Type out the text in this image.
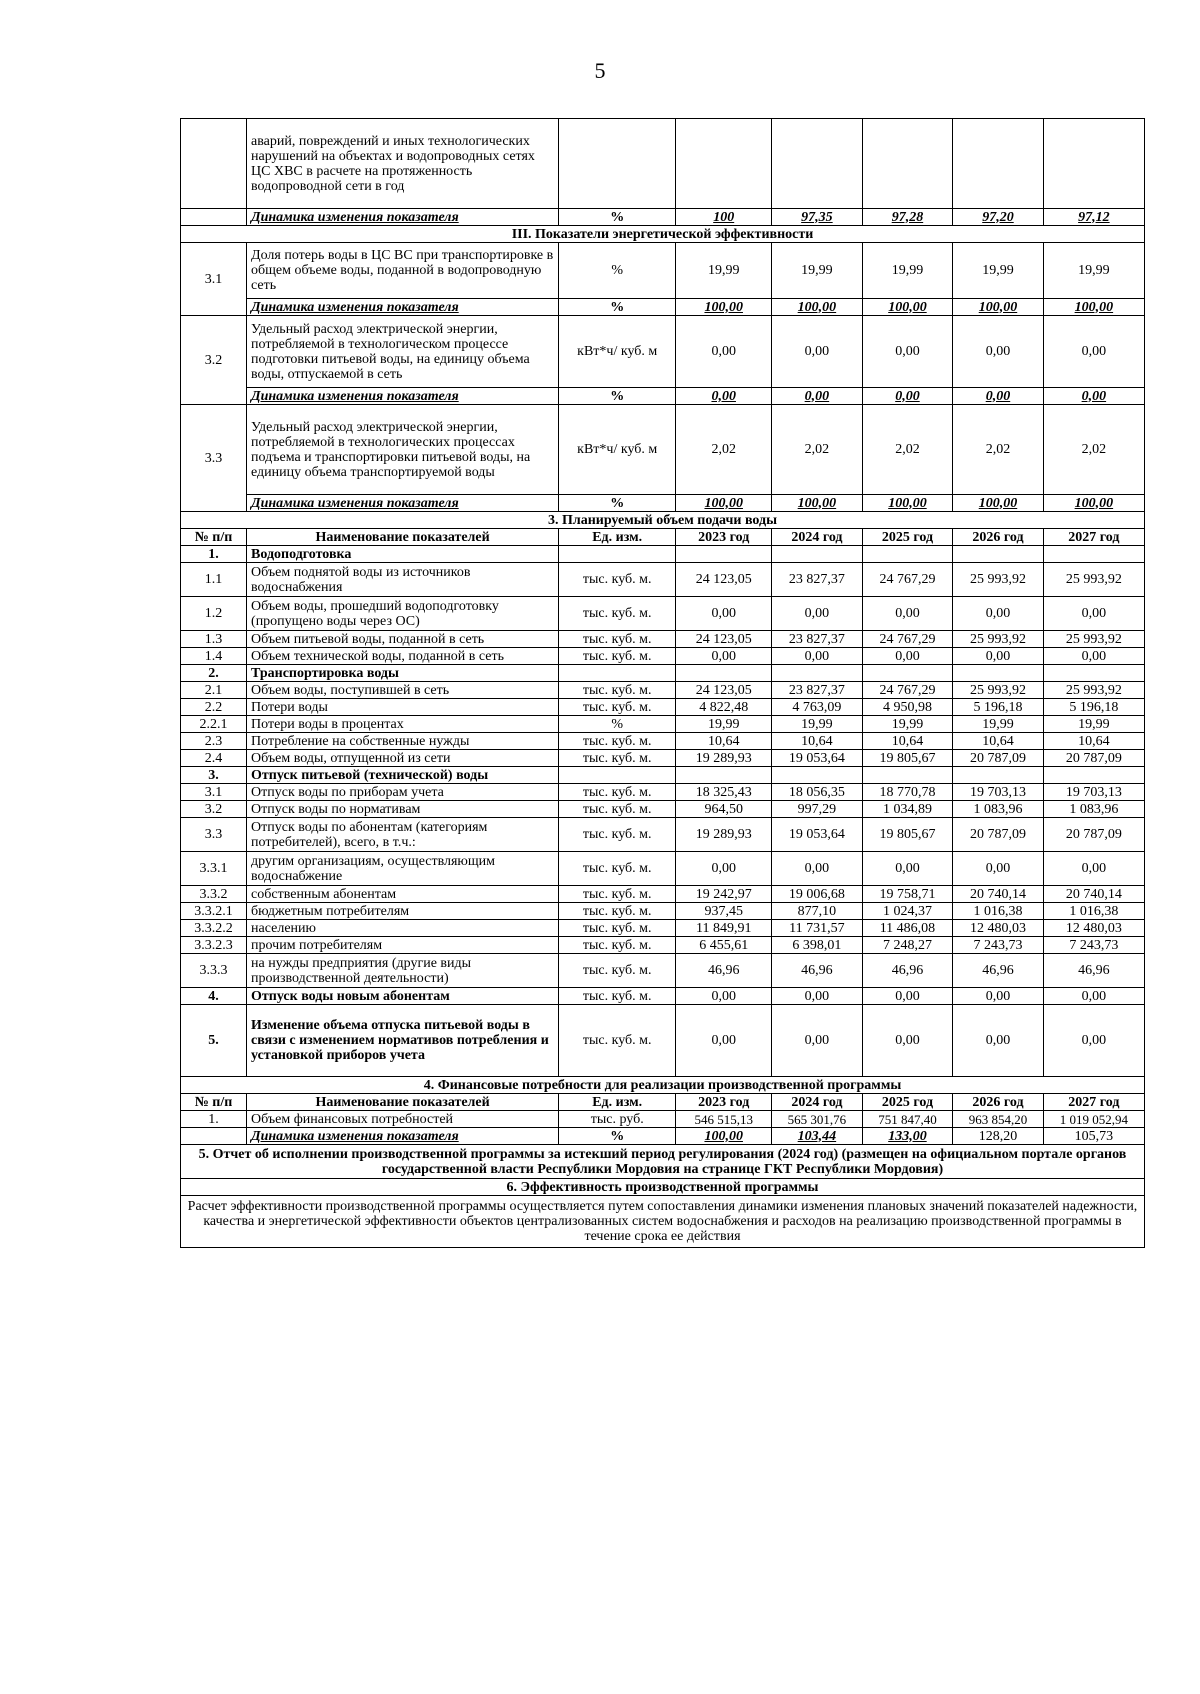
5
	аварий, повреждений и иных технологических нарушений на объектах и водопроводных сетях ЦС ХВС в расчете на протяженность водопроводной сети в год						
	Динамика изменения показателя	%	100	97,35	97,28	97,20	97,12
III. Показатели энергетической эффективности							
3.1	Доля потерь воды в ЦС ВС при транспортировке в общем объеме воды, поданной в водопроводную сеть	%	19,99	19,99	19,99	19,99	19,99
	Динамика изменения показателя	%	100,00	100,00	100,00	100,00	100,00
3.2	Удельный расход электрической энергии, потребляемой в технологическом процессе подготовки питьевой воды, на единицу объема воды, отпускаемой в сеть	кВт*ч/ куб. м	0,00	0,00	0,00	0,00	0,00
	Динамика изменения показателя	%	0,00	0,00	0,00	0,00	0,00
3.3	Удельный расход электрической энергии, потребляемой в технологических процессах подъема и транспортировки питьевой воды, на единицу объема транспортируемой воды	кВт*ч/ куб. м	2,02	2,02	2,02	2,02	2,02
	Динамика изменения показателя	%	100,00	100,00	100,00	100,00	100,00
3. Планируемый объем подачи воды							
№ п/п	Наименование показателей	Ед. изм.	2023 год	2024 год	2025 год	2026 год	2027 год
1.	Водоподготовка						
1.1	Объем поднятой воды из источников водоснабжения	тыс. куб. м.	24 123,05	23 827,37	24 767,29	25 993,92	25 993,92
1.2	Объем воды, прошедший водоподготовку (пропущено воды через ОС)	тыс. куб. м.	0,00	0,00	0,00	0,00	0,00
1.3	Объем питьевой воды, поданной в сеть	тыс. куб. м.	24 123,05	23 827,37	24 767,29	25 993,92	25 993,92
1.4	Объем технической воды, поданной в сеть	тыс. куб. м.	0,00	0,00	0,00	0,00	0,00
2.	Транспортировка воды						
2.1	Объем воды, поступившей в сеть	тыс. куб. м.	24 123,05	23 827,37	24 767,29	25 993,92	25 993,92
2.2	Потери воды	тыс. куб. м.	4 822,48	4 763,09	4 950,98	5 196,18	5 196,18
2.2.1	Потери воды в процентах	%	19,99	19,99	19,99	19,99	19,99
2.3	Потребление на собственные нужды	тыс. куб. м.	10,64	10,64	10,64	10,64	10,64
2.4	Объем воды, отпущенной из сети	тыс. куб. м.	19 289,93	19 053,64	19 805,67	20 787,09	20 787,09
3.	Отпуск питьевой (технической) воды						
3.1	Отпуск воды по приборам учета	тыс. куб. м.	18 325,43	18 056,35	18 770,78	19 703,13	19 703,13
3.2	Отпуск воды по нормативам	тыс. куб. м.	964,50	997,29	1 034,89	1 083,96	1 083,96
3.3	Отпуск воды по абонентам (категориям потребителей), всего, в т.ч.:	тыс. куб. м.	19 289,93	19 053,64	19 805,67	20 787,09	20 787,09
3.3.1	другим организациям, осуществляющим водоснабжение	тыс. куб. м.	0,00	0,00	0,00	0,00	0,00
3.3.2	собственным абонентам	тыс. куб. м.	19 242,97	19 006,68	19 758,71	20 740,14	20 740,14
3.3.2.1	бюджетным потребителям	тыс. куб. м.	937,45	877,10	1 024,37	1 016,38	1 016,38
3.3.2.2	населению	тыс. куб. м.	11 849,91	11 731,57	11 486,08	12 480,03	12 480,03
3.3.2.3	прочим потребителям	тыс. куб. м.	6 455,61	6 398,01	7 248,27	7 243,73	7 243,73
3.3.3	на нужды предприятия (другие виды производственной деятельности)	тыс. куб. м.	46,96	46,96	46,96	46,96	46,96
4.	Отпуск воды новым абонентам	тыс. куб. м.	0,00	0,00	0,00	0,00	0,00
5.	Изменение объема отпуска питьевой воды в связи с изменением нормативов потребления и установкой приборов учета	тыс. куб. м.	0,00	0,00	0,00	0,00	0,00
4. Финансовые потребности для реализации производственной программы							
№ п/п	Наименование показателей	Ед. изм.	2023 год	2024 год	2025 год	2026 год	2027 год
1.	Объем финансовых потребностей	тыс. руб.	546 515,13	565 301,76	751 847,40	963 854,20	1 019 052,94
	Динамика изменения показателя	%	100,00	103,44	133,00	128,20	105,73
5. Отчет об исполнении производственной программы за истекший период регулирования (2024 год) (размещен на официальном портале органов государственной власти Республики Мордовия на странице ГКТ Республики Мордовия)							
6. Эффективность производственной программы							
Расчет эффективности производственной программы осуществляется путем сопоставления динамики изменения плановых значений показателей надежности, качества и энергетической эффективности объектов централизованных систем водоснабжения и расходов на реализацию производственной программы в течение срока ее действия							
